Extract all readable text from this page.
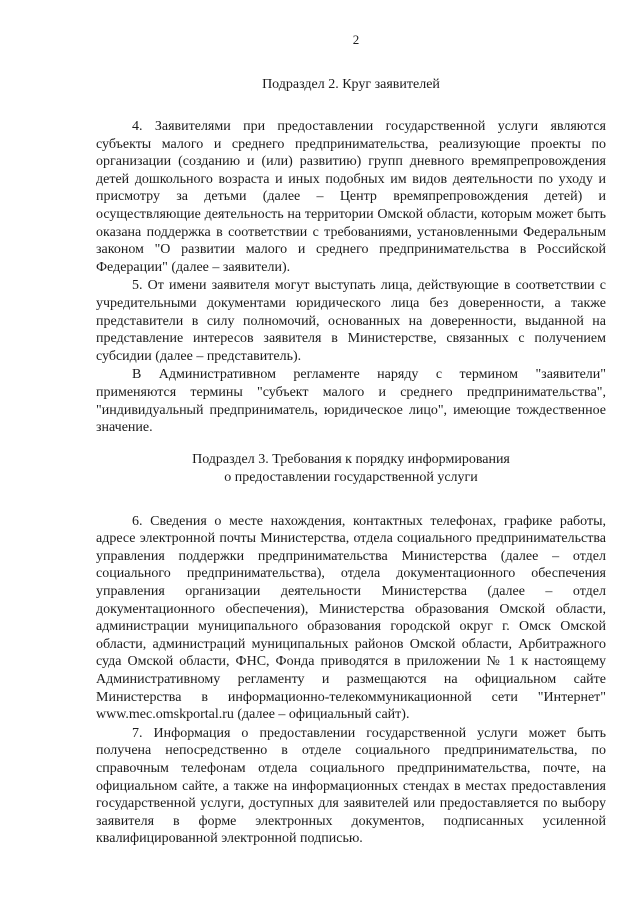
2
Подраздел 2. Круг заявителей

4. Заявителями при предоставлении государственной услуги являются субъекты малого и среднего предпринимательства, реализующие проекты по организации (созданию и (или) развитию) групп дневного времяпрепровождения детей дошкольного возраста и иных подобных им видов деятельности по уходу и присмотру за детьми (далее – Центр времяпрепровождения детей) и осуществляющие деятельность на территории Омской области, которым может быть оказана поддержка в соответствии с требованиями, установленными Федеральным законом "О развитии малого и среднего предпринимательства в Российской Федерации" (далее – заявители).

5. От имени заявителя могут выступать лица, действующие в соответствии с учредительными документами юридического лица без доверенности, а также представители в силу полномочий, основанных на доверенности, выданной на представление интересов заявителя в Министерстве, связанных с получением субсидии (далее – представитель).

В Административном регламенте наряду с термином "заявители" применяются термины "субъект малого и среднего предпринимательства", "индивидуальный предприниматель, юридическое лицо", имеющие тождественное значение.

Подраздел 3. Требования к порядку информирования
о предоставлении государственной услуги

6. Сведения о месте нахождения, контактных телефонах, графике работы, адресе электронной почты Министерства, отдела социального предпринимательства управления поддержки предпринимательства Министерства (далее – отдел социального предпринимательства), отдела документационного обеспечения управления организации деятельности Министерства (далее – отдел документационного обеспечения), Министерства образования Омской области, администрации муниципального образования городской округ г. Омск Омской области, администраций муниципальных районов Омской области, Арбитражного суда Омской области, ФНС, Фонда приводятся в приложении № 1 к настоящему Административному регламенту и размещаются на официальном сайте Министерства в информационно-телекоммуникационной сети "Интернет" www.mec.omskportal.ru (далее – официальный сайт).

7. Информация о предоставлении государственной услуги может быть получена непосредственно в отделе социального предпринимательства, по справочным телефонам отдела социального предпринимательства, почте, на официальном сайте, а также на информационных стендах в местах предоставления государственной услуги, доступных для заявителей или предоставляется по выбору заявителя в форме электронных документов, подписанных усиленной квалифицированной электронной подписью.
